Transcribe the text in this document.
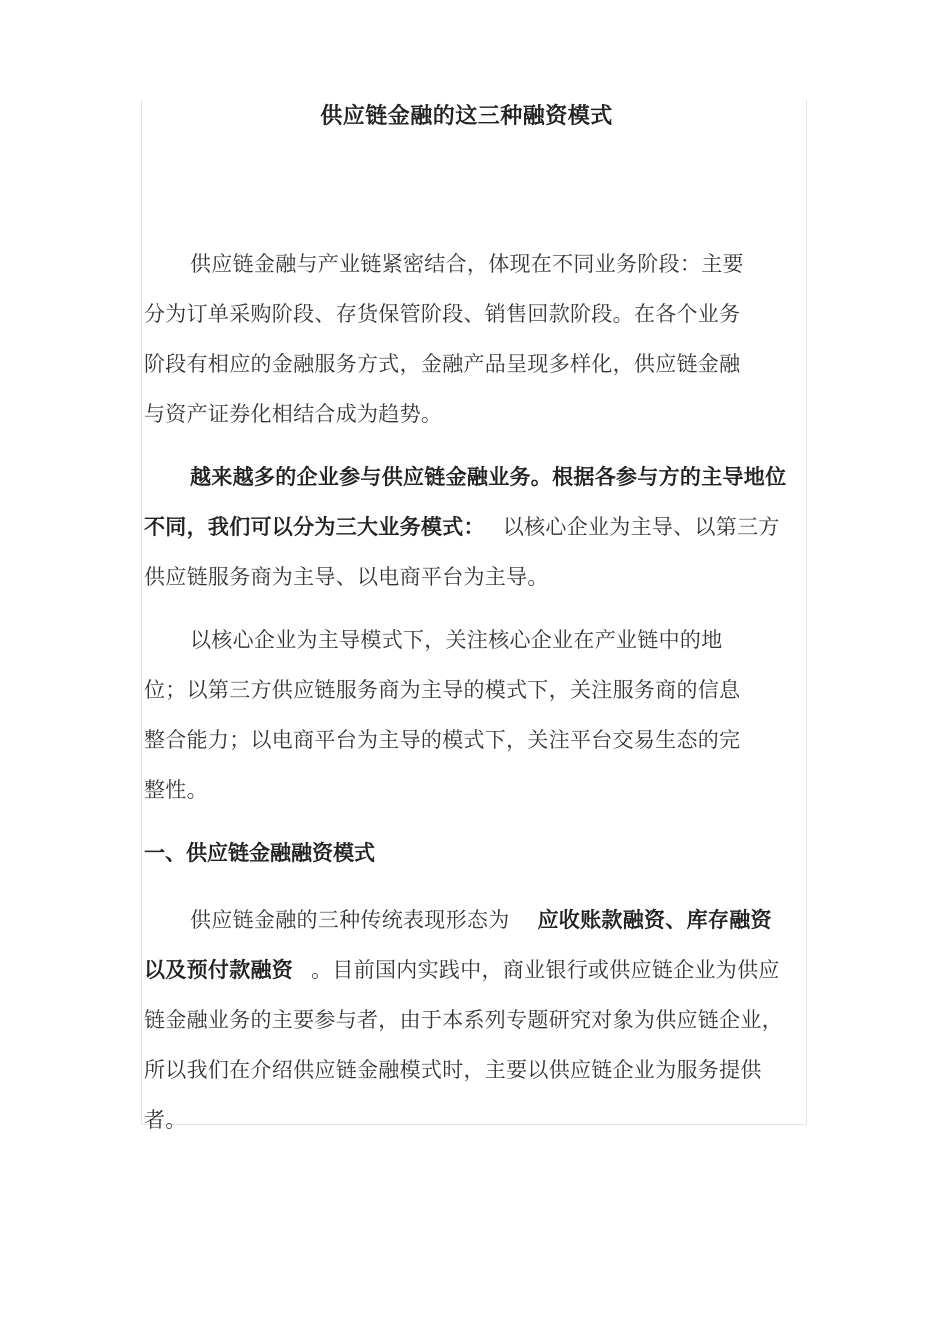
供应链金融的这三种融资模式

供应链金融与产业链紧密结合，体现在不同业务阶段：主要分为订单采购阶段、存货保管阶段、销售回款阶段。在各个业务阶段有相应的金融服务方式，金融产品呈现多样化，供应链金融与资产证券化相结合成为趋势。

越来越多的企业参与供应链金融业务。根据各参与方的主导地位不同，我们可以分为三大业务模式： 以核心企业为主导、以第三方供应链服务商为主导、以电商平台为主导。

以核心企业为主导模式下，关注核心企业在产业链中的地位；以第三方供应链服务商为主导的模式下，关注服务商的信息整合能力；以电商平台为主导的模式下，关注平台交易生态的完整性。

一、供应链金融融资模式

供应链金融的三种传统表现形态为 应收账款融资、库存融资以及预付款融资 。目前国内实践中，商业银行或供应链企业为供应链金融业务的主要参与者，由于本系列专题研究对象为供应链企业，所以我们在介绍供应链金融模式时，主要以供应链企业为服务提供者。
